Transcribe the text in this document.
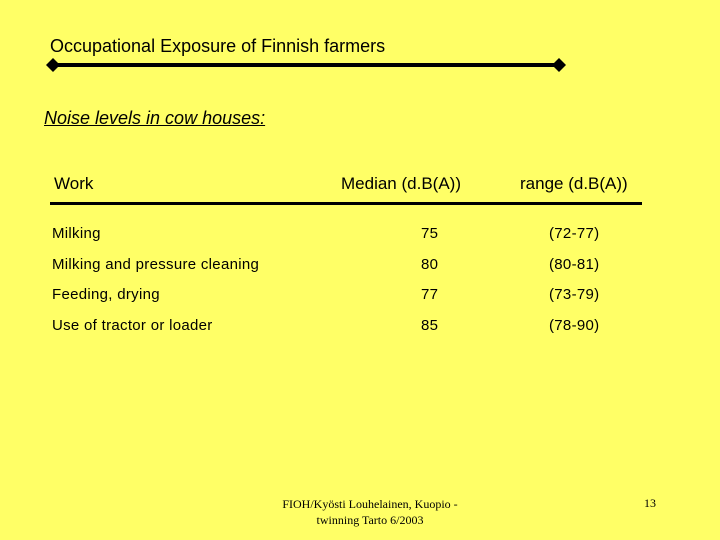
Occupational Exposure of Finnish farmers
Noise levels in cow houses:
Work	Median (d.B(A))	range (d.B(A))
Milking	75	(72-77)
Milking and pressure cleaning	80	(80-81)
Feeding, drying	77	(73-79)
Use of tractor or loader	85	(78-90)
FIOH/Kyösti Louhelainen, Kuopio -
twinning Tarto 6/2003
13
